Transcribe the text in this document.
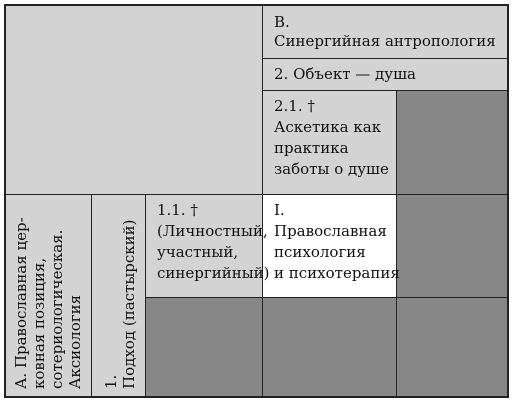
B.
Синергийная антропология
2. Объект — душа
2.1. †
Аскетика как
практика
заботы о душе
1.1. †
(Личностный,
участный,
синергийный)
I.
Православная
психология
и психотерапия
А. Православная цер- ковная позиция, сотериологическая. Аксиология 1. Подход (пастырский)
